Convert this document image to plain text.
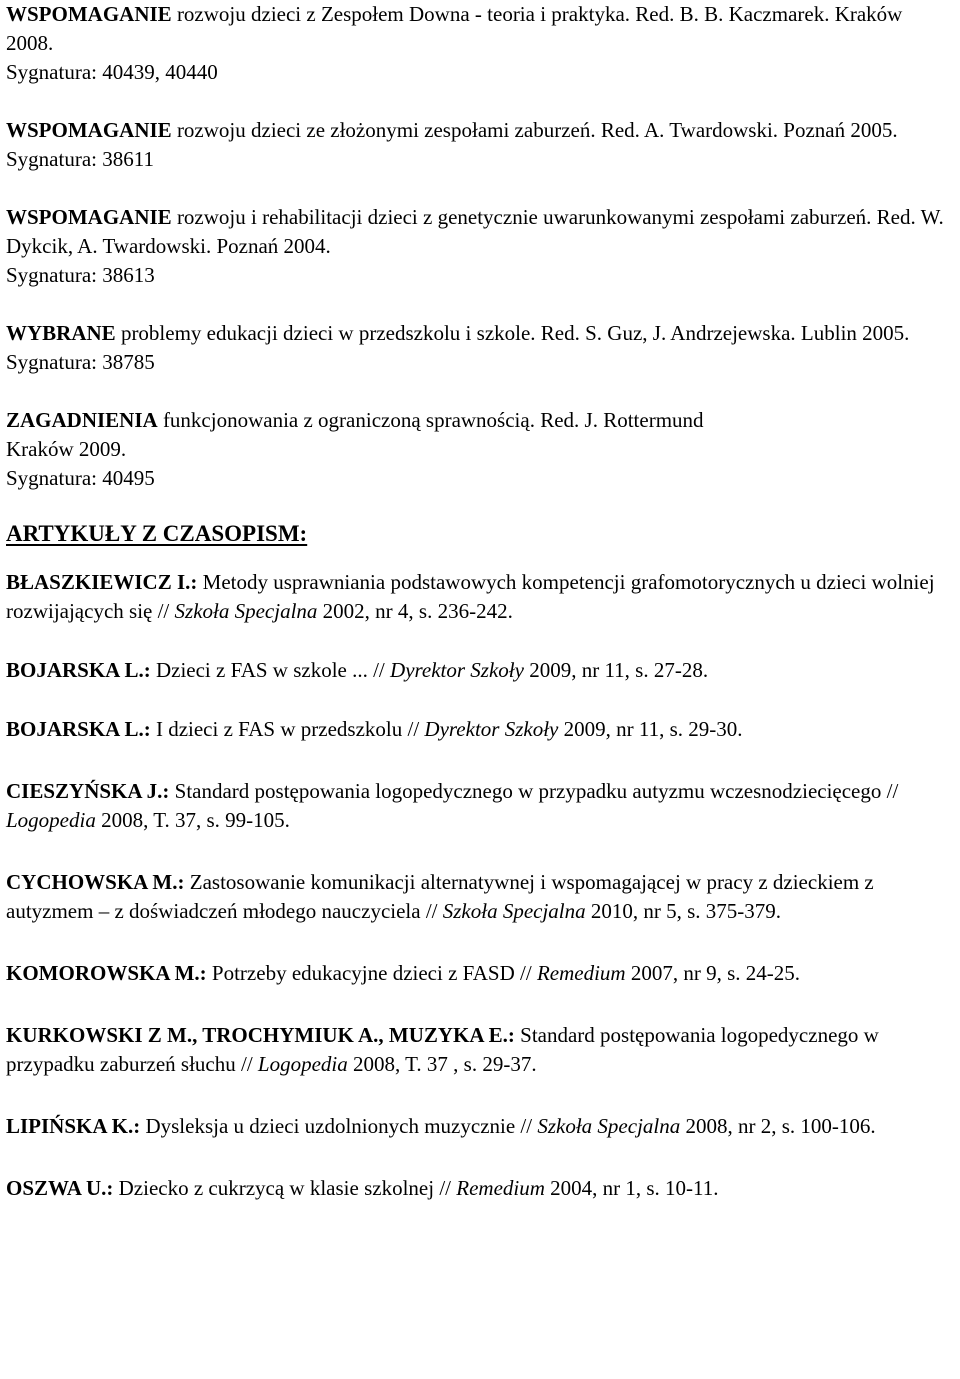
WSPOMAGANIE rozwoju dzieci z Zespołem Downa - teoria i praktyka. Red. B. B. Kaczmarek. Kraków 2008.
Sygnatura: 40439, 40440

WSPOMAGANIE rozwoju dzieci ze złożonymi zespołami zaburzeń. Red. A. Twardowski. Poznań 2005.
Sygnatura: 38611

WSPOMAGANIE rozwoju i rehabilitacji dzieci z genetycznie uwarunkowanymi zespołami zaburzeń. Red. W. Dykcik, A. Twardowski. Poznań 2004.
Sygnatura: 38613

WYBRANE problemy edukacji dzieci w przedszkolu i szkole. Red. S. Guz, J. Andrzejewska. Lublin 2005.
Sygnatura: 38785

ZAGADNIENIA funkcjonowania z ograniczoną sprawnością. Red. J. Rottermund
Kraków 2009.
Sygnatura: 40495

ARTYKUŁY Z CZASOPISM:

BŁASZKIEWICZ I.: Metody usprawniania podstawowych kompetencji grafomotorycznych u dzieci wolniej rozwijających się // Szkoła Specjalna 2002, nr 4, s. 236-242.

BOJARSKA L.: Dzieci z FAS w szkole ... // Dyrektor Szkoły 2009, nr 11, s. 27-28.

BOJARSKA L.: I dzieci z FAS w przedszkolu // Dyrektor Szkoły 2009, nr 11, s. 29-30.

CIESZYŃSKA J.: Standard postępowania logopedycznego w przypadku autyzmu wczesnodziecięcego // Logopedia 2008, T. 37, s. 99-105.

CYCHOWSKA M.: Zastosowanie komunikacji alternatywnej i wspomagającej w pracy z dzieckiem z autyzmem – z doświadczeń młodego nauczyciela // Szkoła Specjalna 2010, nr 5, s. 375-379.

KOMOROWSKA M.: Potrzeby edukacyjne dzieci z FASD // Remedium 2007, nr 9, s. 24-25.

KURKOWSKI Z M., TROCHYMIUK A., MUZYKA E.: Standard postępowania logopedycznego w przypadku zaburzeń słuchu // Logopedia 2008, T. 37 , s. 29-37.

LIPIŃSKA K.: Dysleksja u dzieci uzdolnionych muzycznie // Szkoła Specjalna 2008, nr 2, s. 100-106.

OSZWA U.: Dziecko z cukrzycą w klasie szkolnej // Remedium 2004, nr 1, s. 10-11.
